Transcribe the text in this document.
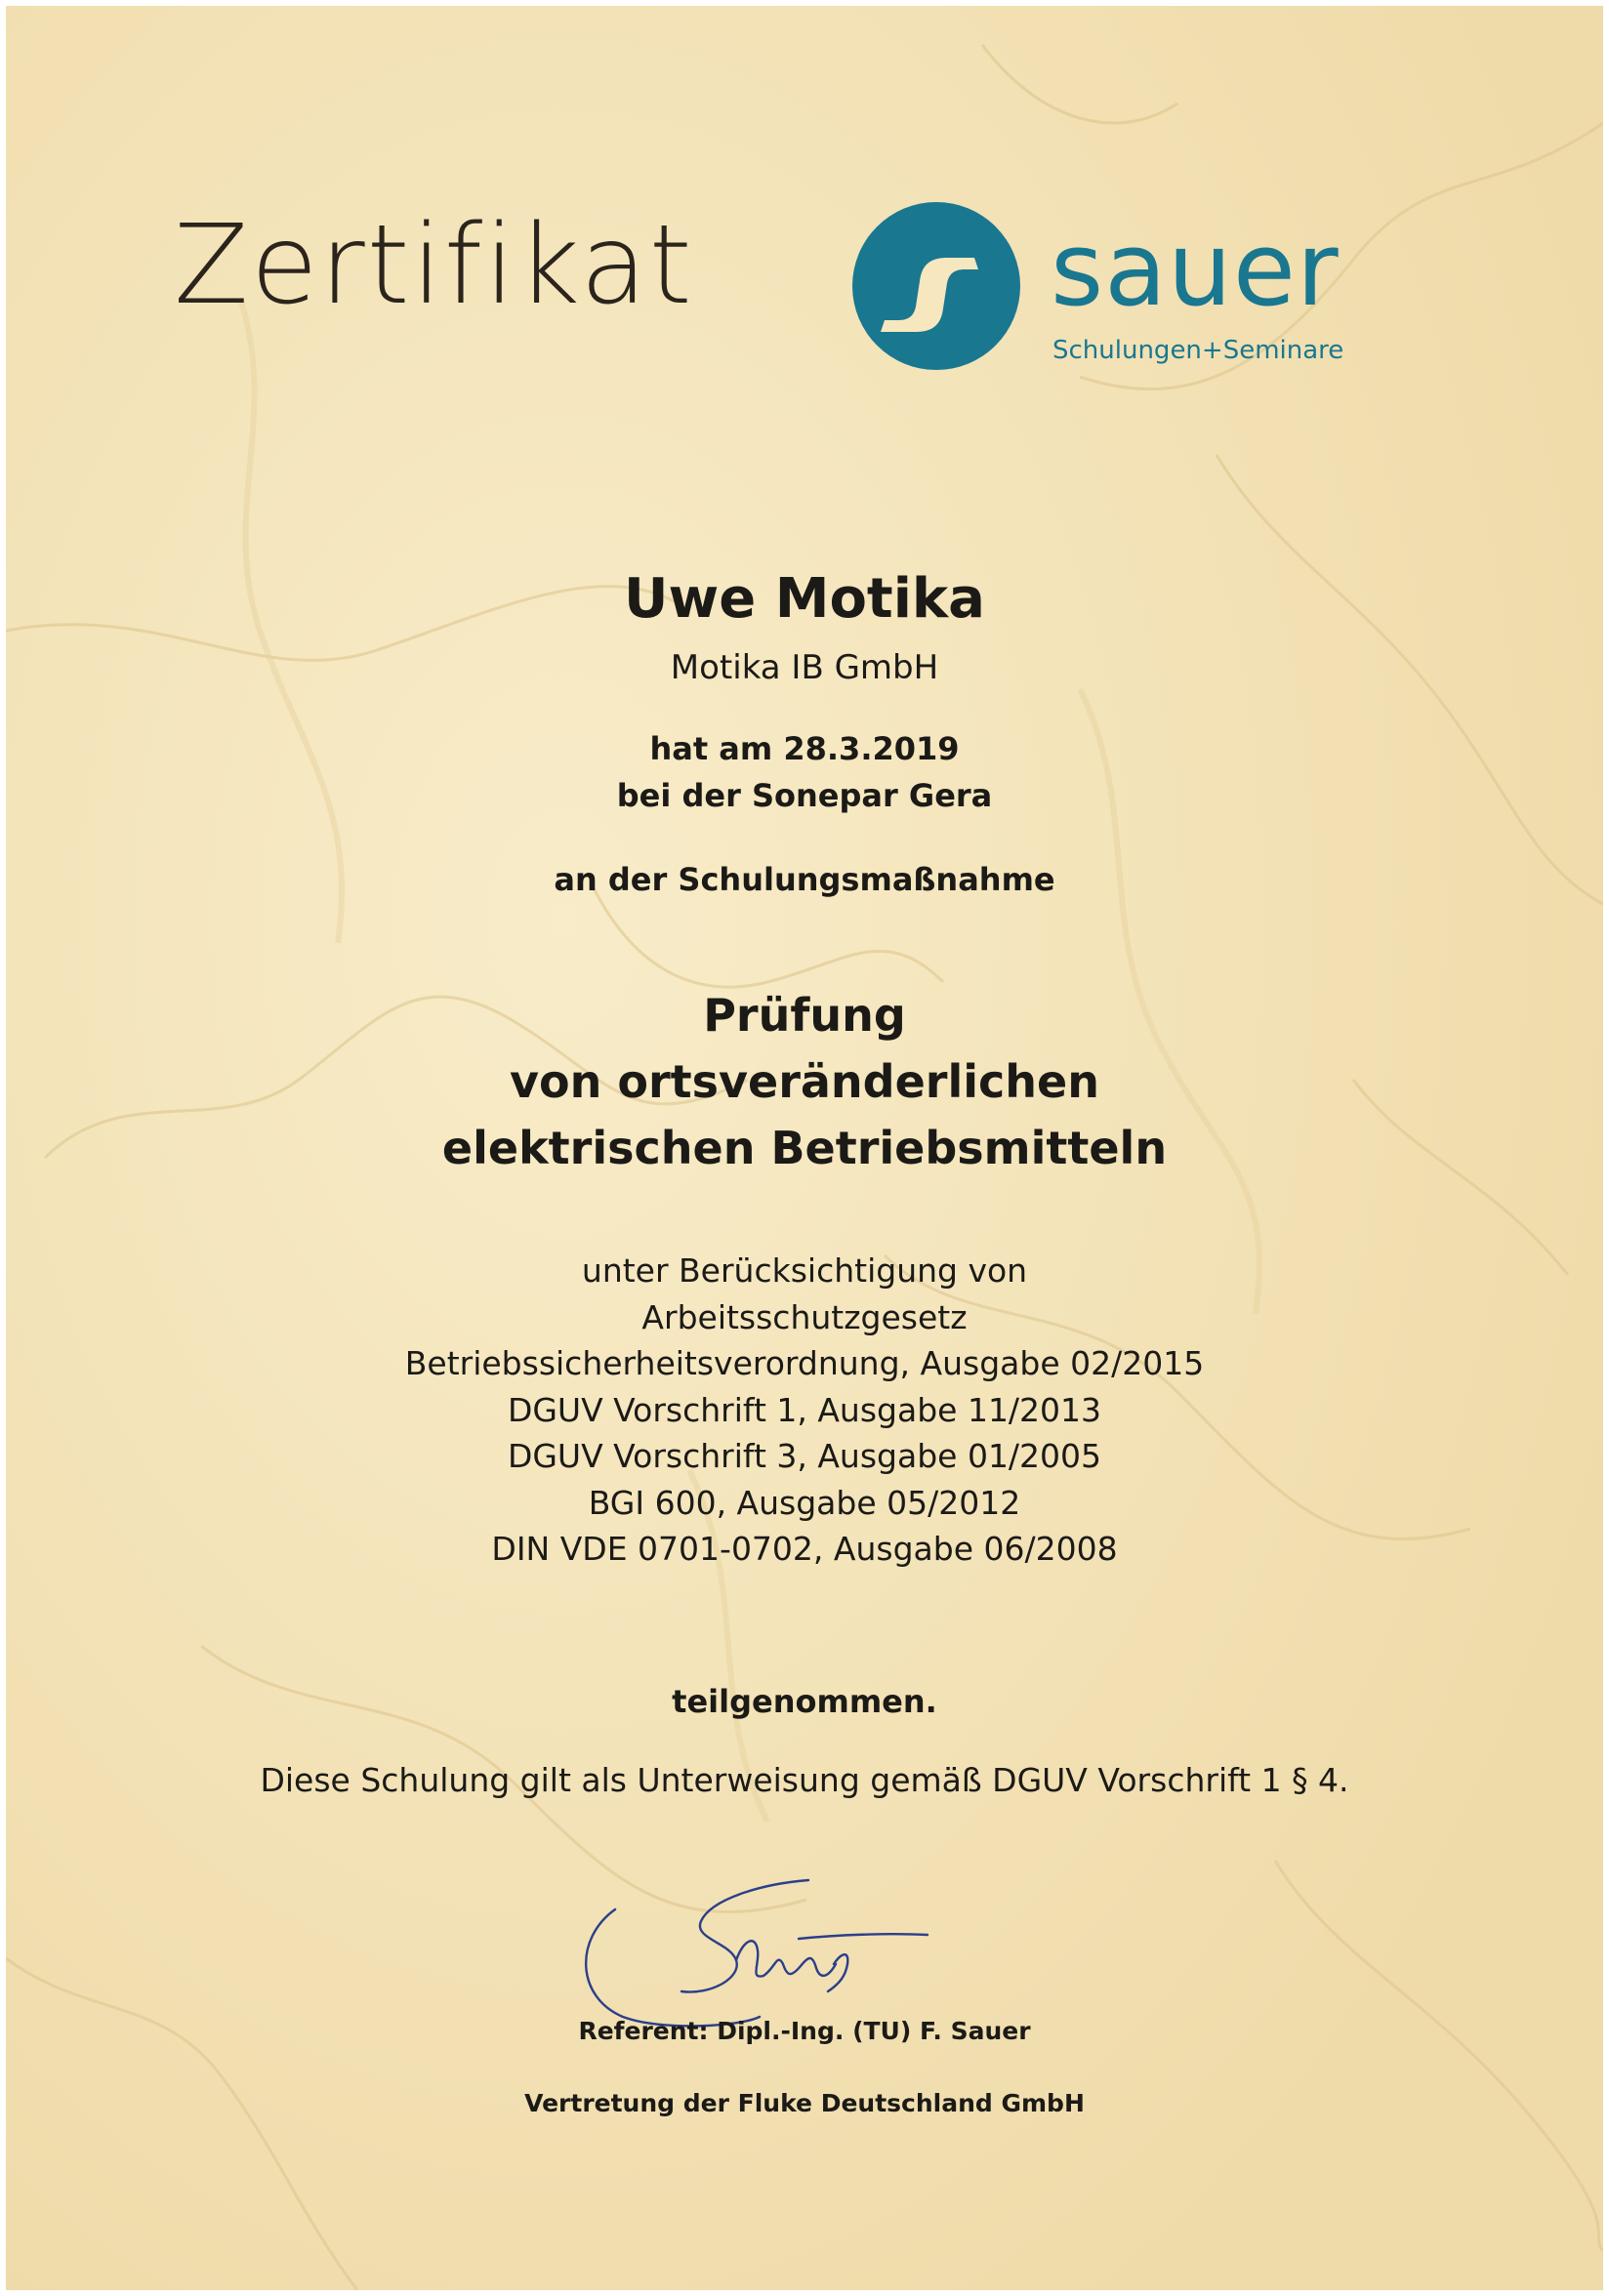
Zertifikat	sauer
Schulungen+Seminare
Uwe Motika
Motika IB GmbH
hat am 28.3.2019
bei der Sonepar Gera
an der Schulungsmaßnahme
Prüfung
von ortsveränderlichen
elektrischen Betriebsmitteln
unter Berücksichtigung von
Arbeitsschutzgesetz
Betriebssicherheitsverordnung, Ausgabe 02/2015
DGUV Vorschrift 1, Ausgabe 11/2013
DGUV Vorschrift 3, Ausgabe 01/2005
BGI 600, Ausgabe 05/2012
DIN VDE 0701-0702, Ausgabe 06/2008
teilgenommen.
Diese Schulung gilt als Unterweisung gemäß DGUV Vorschrift 1 § 4.
Referent: Dipl.-Ing. (TU) F. Sauer
Vertretung der Fluke Deutschland GmbH
